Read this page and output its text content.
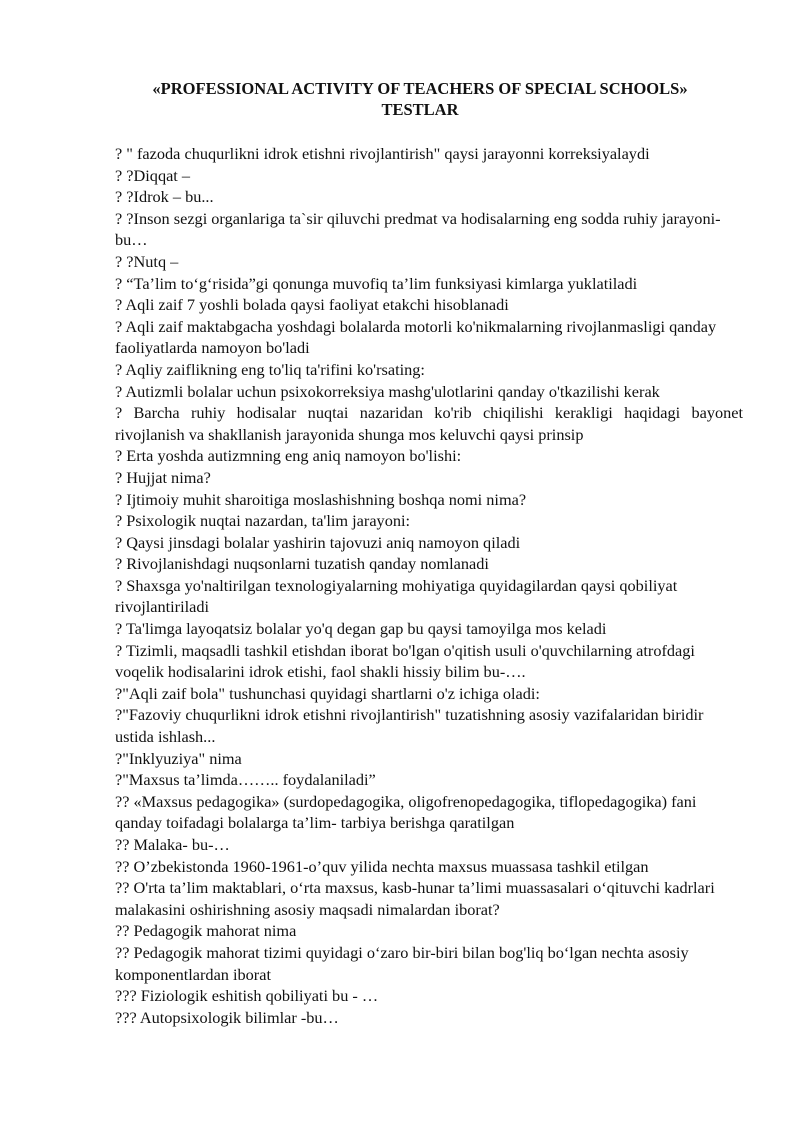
«PROFESSIONAL ACTIVITY OF TEACHERS OF SPECIAL SCHOOLS»
TESTLAR

? " fazoda chuqurlikni idrok etishni rivojlantirish" qaysi jarayonni korreksiyalaydi

? ?Diqqat –

? ?Idrok – bu...

? ?Inson sezgi organlariga ta`sir qiluvchi predmat va hodisalarning eng sodda ruhiy jarayoni-bu…

? ?Nutq –

? “Ta’lim to‘g‘risida”gi qonunga muvofiq ta’lim funksiyasi kimlarga yuklatiladi

? Aqli zaif 7 yoshli bolada qaysi faoliyat etakchi hisoblanadi

? Aqli zaif maktabgacha yoshdagi bolalarda motorli ko'nikmalarning rivojlanmasligi qanday faoliyatlarda namoyon bo'ladi

? Aqliy zaiflikning eng to'liq ta'rifini ko'rsating:

? Autizmli bolalar uchun psixokorreksiya mashg'ulotlarini qanday o'tkazilishi kerak

? Barcha ruhiy hodisalar nuqtai nazaridan ko'rib chiqilishi kerakligi haqidagi bayonet rivojlanish va shakllanish jarayonida shunga mos keluvchi qaysi prinsip

? Erta yoshda autizmning eng aniq namoyon bo'lishi:

? Hujjat nima?

? Ijtimoiy muhit sharoitiga moslashishning boshqa nomi nima?

? Psixologik nuqtai nazardan, ta'lim jarayoni:

? Qaysi jinsdagi bolalar yashirin tajovuzi aniq namoyon qiladi

? Rivojlanishdagi nuqsonlarni tuzatish qanday nomlanadi

? Shaxsga yo'naltirilgan texnologiyalarning mohiyatiga quyidagilardan qaysi qobiliyat rivojlantiriladi

? Ta'limga layoqatsiz bolalar yo'q degan gap bu qaysi tamoyilga mos keladi

? Tizimli, maqsadli tashkil etishdan iborat bo'lgan o'qitish usuli o'quvchilarning atrofdagi voqelik hodisalarini idrok etishi, faol shakli hissiy bilim bu-….

?"Aqli zaif bola" tushunchasi quyidagi shartlarni o'z ichiga oladi:

?"Fazoviy chuqurlikni idrok etishni rivojlantirish" tuzatishning asosiy vazifalaridan biridir ustida ishlash...

?"Inklyuziya" nima

?"Maxsus ta’limda…….. foydalaniladi”

?? «Maxsus pedagogika» (surdopedagogika, oligofrenopedagogika, tiflopedagogika) fani qanday toifadagi bolalarga ta’lim- tarbiya berishga qaratilgan

?? Malaka- bu-…

?? O’zbekistonda 1960-1961-o’quv yilida nechta maxsus muassasa tashkil etilgan

?? O'rta ta’lim maktablari, o‘rta maxsus, kasb-hunar ta’limi muassasalari o‘qituvchi kadrlari malakasini oshirishning asosiy maqsadi nimalardan iborat?

?? Pedagogik mahorat nima

?? Pedagogik mahorat tizimi quyidagi o‘zaro bir-biri bilan bog'liq bo‘lgan nechta asosiy komponentlardan iborat

??? Fiziologik eshitish qobiliyati bu - …

??? Autopsixologik bilimlar -bu…
